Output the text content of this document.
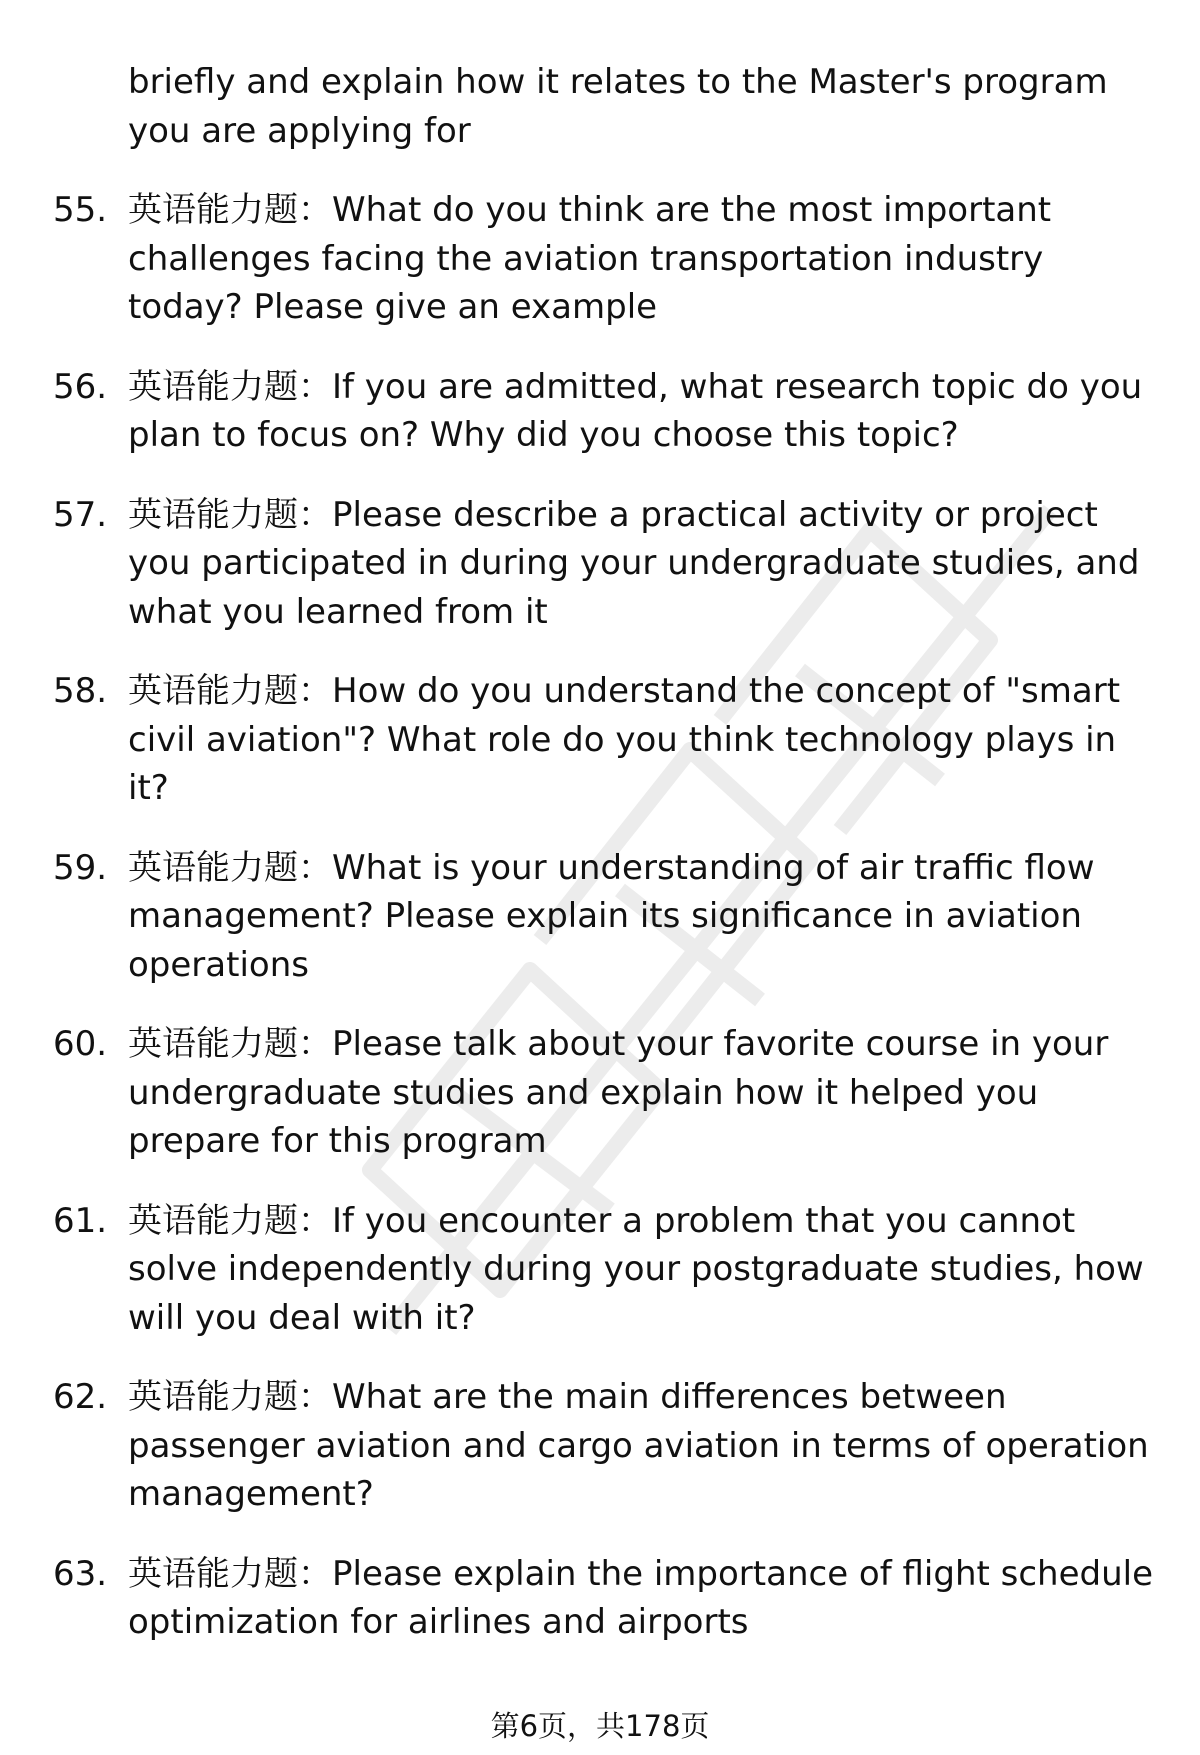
briefly and explain how it relates to the Master's program you are applying for
55. 英语能力题：What do you think are the most important challenges facing the aviation transportation industry today? Please give an example
56. 英语能力题：If you are admitted, what research topic do you plan to focus on? Why did you choose this topic?
57. 英语能力题：Please describe a practical activity or project you participated in during your undergraduate studies, and what you learned from it
58. 英语能力题：How do you understand the concept of "smart civil aviation"? What role do you think technology plays in it?
59. 英语能力题：What is your understanding of air traffic flow management? Please explain its significance in aviation operations
60. 英语能力题：Please talk about your favorite course in your undergraduate studies and explain how it helped you prepare for this program
61. 英语能力题：If you encounter a problem that you cannot solve independently during your postgraduate studies, how will you deal with it?
62. 英语能力题：What are the main differences between passenger aviation and cargo aviation in terms of operation management?
63. 英语能力题：Please explain the importance of flight schedule optimization for airlines and airports
第6页，共178页
